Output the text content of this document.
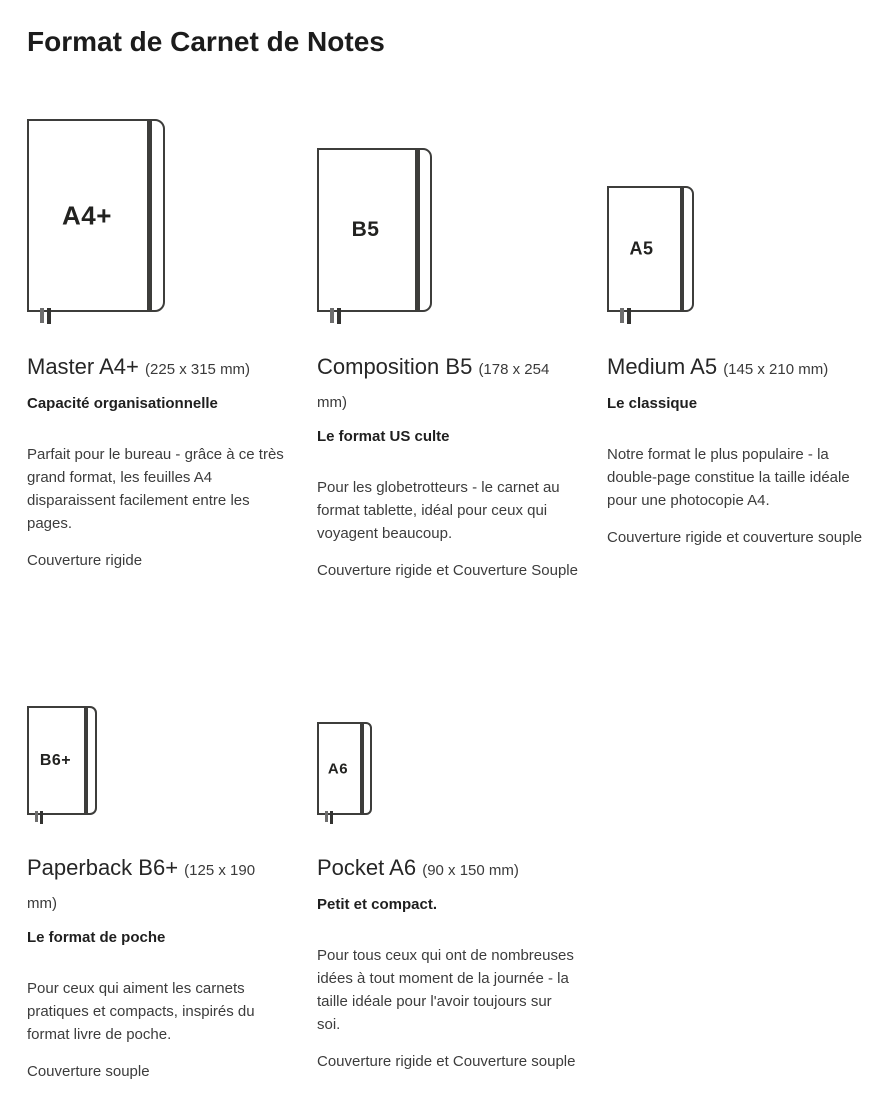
Format de Carnet de Notes
A4+
Master A4+ (225 x 315 mm)

Capacité organisationnelle

Parfait pour le bureau - grâce à ce très grand format, les feuilles A4 disparaissent facilement entre les pages.

Couverture rigide

B5
Composition B5 (178 x 254 mm)

Le format US culte

Pour les globetrotteurs - le carnet au format tablette, idéal pour ceux qui voyagent beaucoup.

Couverture rigide et Couverture Souple

A5
Medium A5 (145 x 210 mm)

Le classique

Notre format le plus populaire - la double-page constitue la taille idéale pour une photocopie A4.

Couverture rigide et couverture souple

B6+
Paperback B6+ (125 x 190 mm)

Le format de poche

Pour ceux qui aiment les carnets pratiques et compacts, inspirés du format livre de poche.

Couverture souple

A6
Pocket A6 (90 x 150 mm)

Petit et compact.

Pour tous ceux qui ont de nombreuses idées à tout moment de la journée - la taille idéale pour l'avoir toujours sur soi.

Couverture rigide et Couverture souple
